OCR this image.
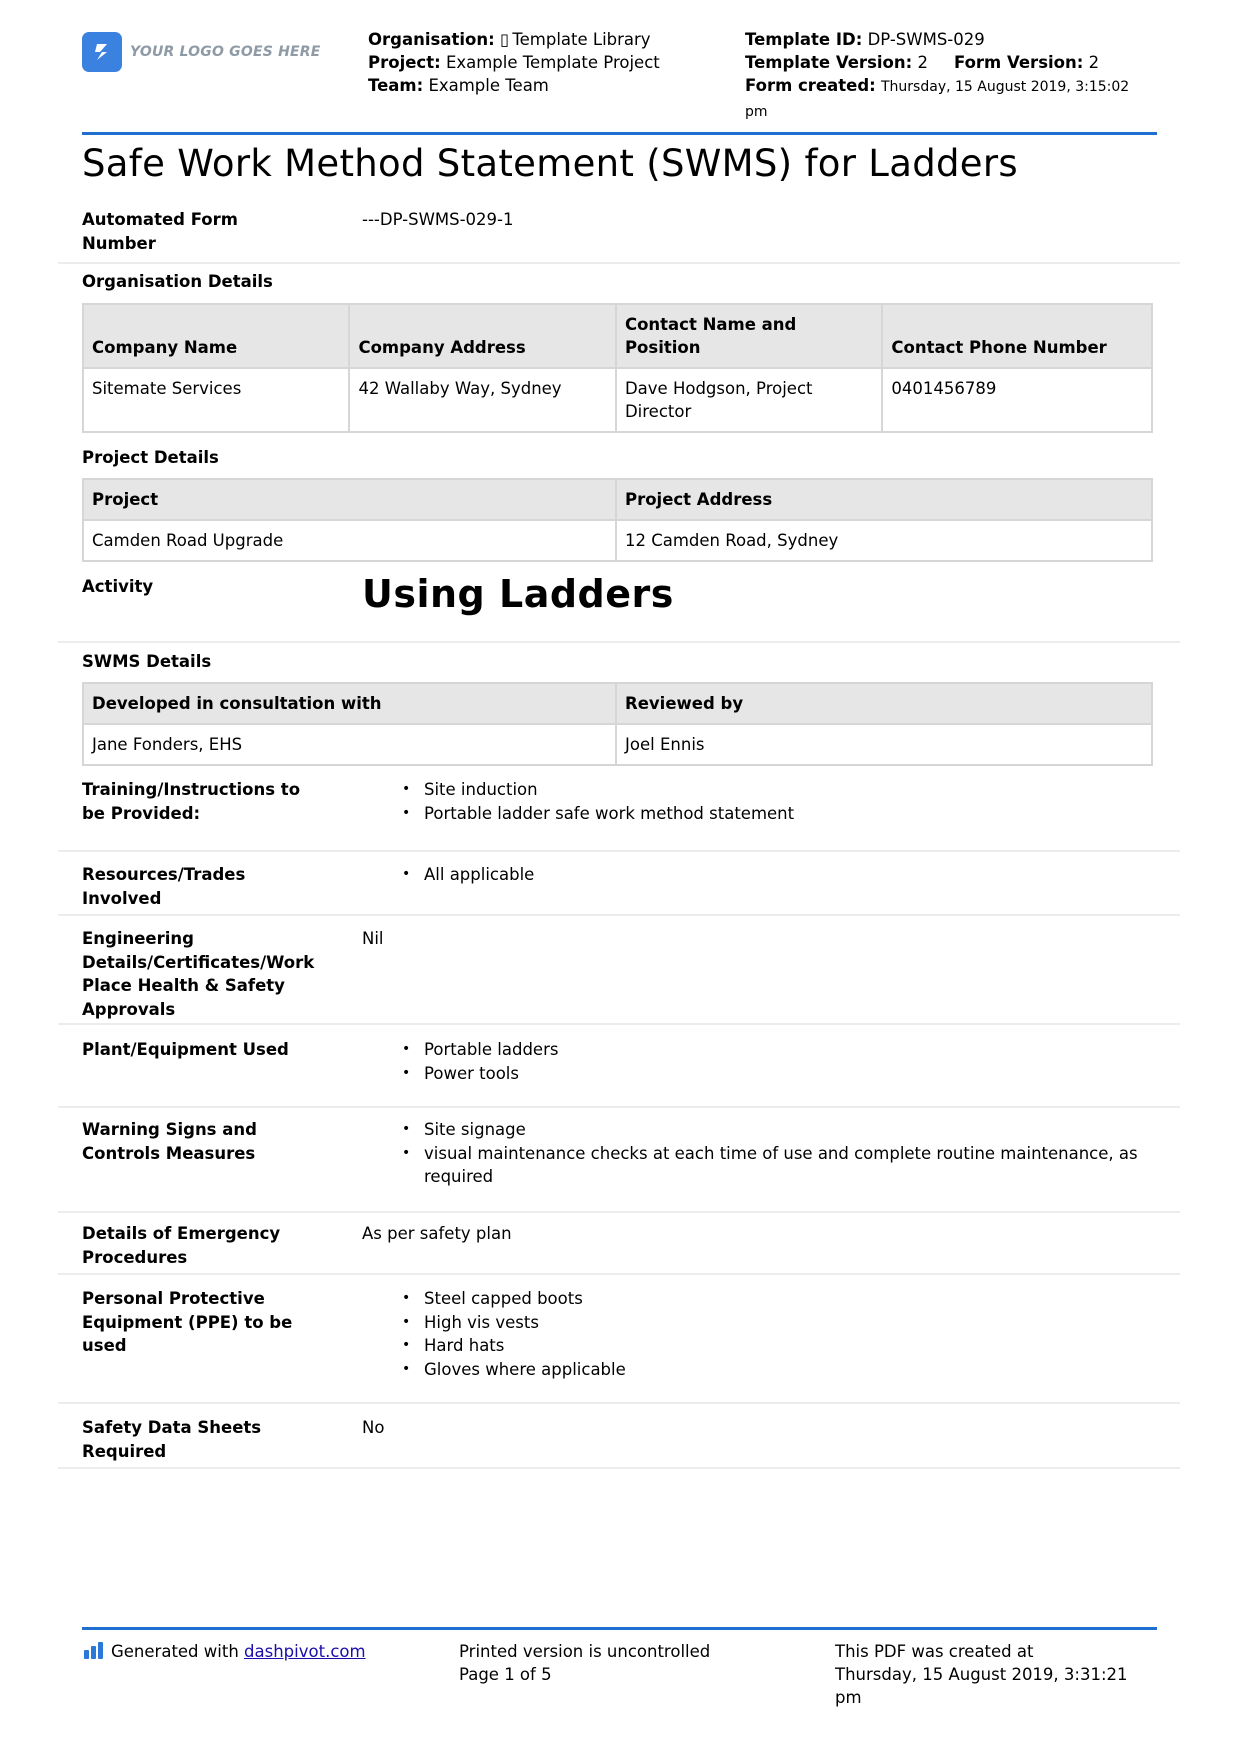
YOUR LOGO GOES HERE
Organisation: ▯ Template Library
Project: Example Template Project
Team: Example Team
Template ID: DP-SWMS-029
Template Version: 2 Form Version: 2
Form created: Thursday, 15 August 2019, 3:15:02 pm
Safe Work Method Statement (SWMS) for Ladders
Automated Form Number
---DP-SWMS-029-1
Organisation Details
Company Name	Company Address	Contact Name and Position	Contact Phone Number
Sitemate Services	42 Wallaby Way, Sydney	Dave Hodgson, Project Director	0401456789
Project Details
Project	Project Address
Camden Road Upgrade	12 Camden Road, Sydney
Activity	Using Ladders
SWMS Details
Developed in consultation with	Reviewed by
Jane Fonders, EHS	Joel Ennis
Training/Instructions to be Provided:
• Site induction
• Portable ladder safe work method statement
Resources/Trades Involved
• All applicable
Engineering Details/Certificates/Work Place Health & Safety Approvals
Nil
Plant/Equipment Used	• Portable ladders
• Power tools
Warning Signs and Controls Measures
• Site signage
• visual maintenance checks at each time of use and complete routine maintenance, as required
Details of Emergency Procedures
As per safety plan
Personal Protective Equipment (PPE) to be used
• Steel capped boots
• High vis vests
• Hard hats
• Gloves where applicable
Safety Data Sheets Required
No
Generated with dashpivot.com	Printed version is uncontrolled
Page 1 of 5
This PDF was created at
Thursday, 15 August 2019, 3:31:21 pm
